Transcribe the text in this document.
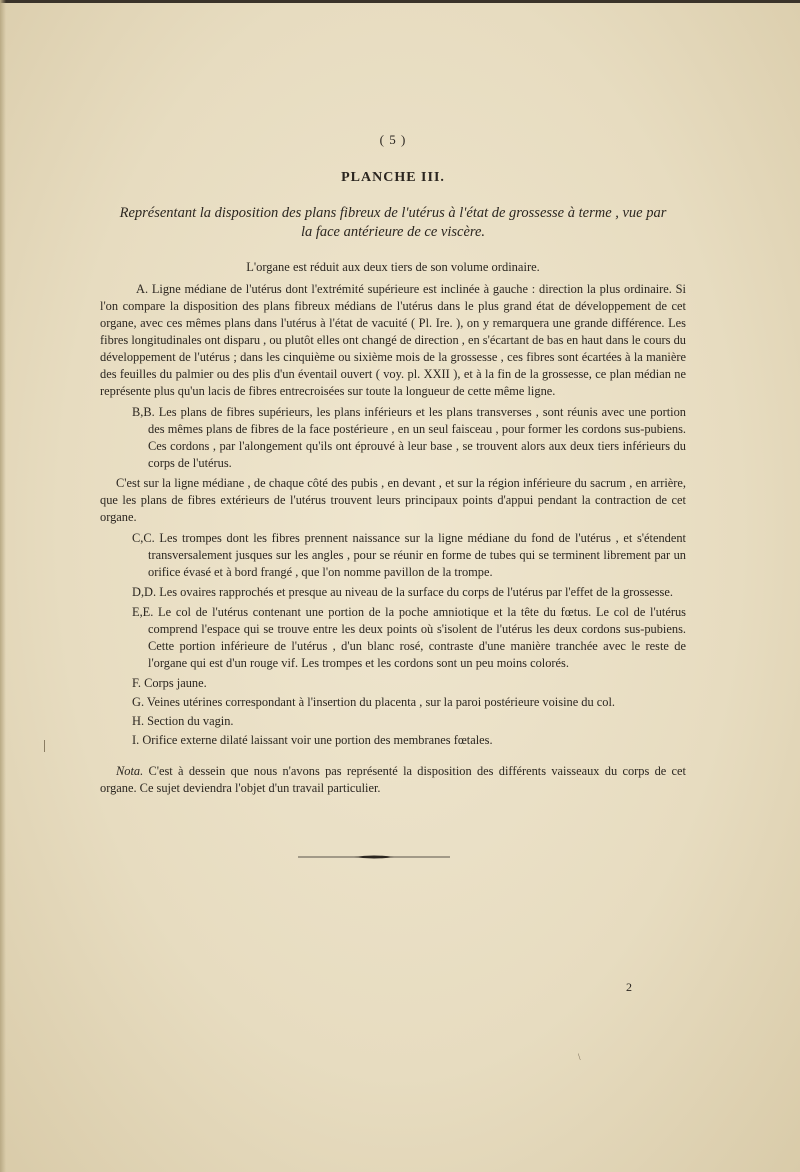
( 5 )
PLANCHE III.
Représentant la disposition des plans fibreux de l'utérus à l'état de grossesse à terme , vue par
la face antérieure de ce viscère.
L'organe est réduit aux deux tiers de son volume ordinaire.

A. Ligne médiane de l'utérus dont l'extrémité supérieure est inclinée à gauche : direction la plus ordinaire. Si l'on compare la disposition des plans fibreux médians de l'utérus dans le plus grand état de développement de cet organe, avec ces mêmes plans dans l'utérus à l'état de vacuité ( Pl. Ire. ), on y remarquera une grande différence. Les fibres longitudinales ont disparu , ou plutôt elles ont changé de direction , en s'écartant de bas en haut dans le cours du développement de l'utérus ; dans les cinquième ou sixième mois de la grossesse , ces fibres sont écartées à la manière des feuilles du palmier ou des plis d'un éventail ouvert ( voy. pl. XXII ), et à la fin de la grossesse, ce plan médian ne représente plus qu'un lacis de fibres entrecroisées sur toute la longueur de cette même ligne.

B,B. Les plans de fibres supérieurs, les plans inférieurs et les plans transverses , sont réunis avec une portion des mêmes plans de fibres de la face postérieure , en un seul faisceau , pour former les cordons sus-pubiens. Ces cordons , par l'alongement qu'ils ont éprouvé à leur base , se trouvent alors aux deux tiers inférieurs du corps de l'utérus.

C'est sur la ligne médiane , de chaque côté des pubis , en devant , et sur la région inférieure du sacrum , en arrière, que les plans de fibres extérieurs de l'utérus trouvent leurs principaux points d'appui pendant la contraction de cet organe.

C,C. Les trompes dont les fibres prennent naissance sur la ligne médiane du fond de l'utérus , et s'étendent transversalement jusques sur les angles , pour se réunir en forme de tubes qui se terminent librement par un orifice évasé et à bord frangé , que l'on nomme pavillon de la trompe.

D,D. Les ovaires rapprochés et presque au niveau de la surface du corps de l'utérus par l'effet de la grossesse.

E,E. Le col de l'utérus contenant une portion de la poche amniotique et la tête du fœtus. Le col de l'utérus comprend l'espace qui se trouve entre les deux points où s'isolent de l'utérus les deux cordons sus-pubiens. Cette portion inférieure de l'utérus , d'un blanc rosé, contraste d'une manière tranchée avec le reste de l'organe qui est d'un rouge vif. Les trompes et les cordons sont un peu moins colorés.

F. Corps jaune.

G. Veines utérines correspondant à l'insertion du placenta , sur la paroi postérieure voisine du col.

H. Section du vagin.

I. Orifice externe dilaté laissant voir une portion des membranes fœtales.

Nota. C'est à dessein que nous n'avons pas représenté la disposition des différents vaisseaux du corps de cet organe. Ce sujet deviendra l'objet d'un travail particulier.

2
\
